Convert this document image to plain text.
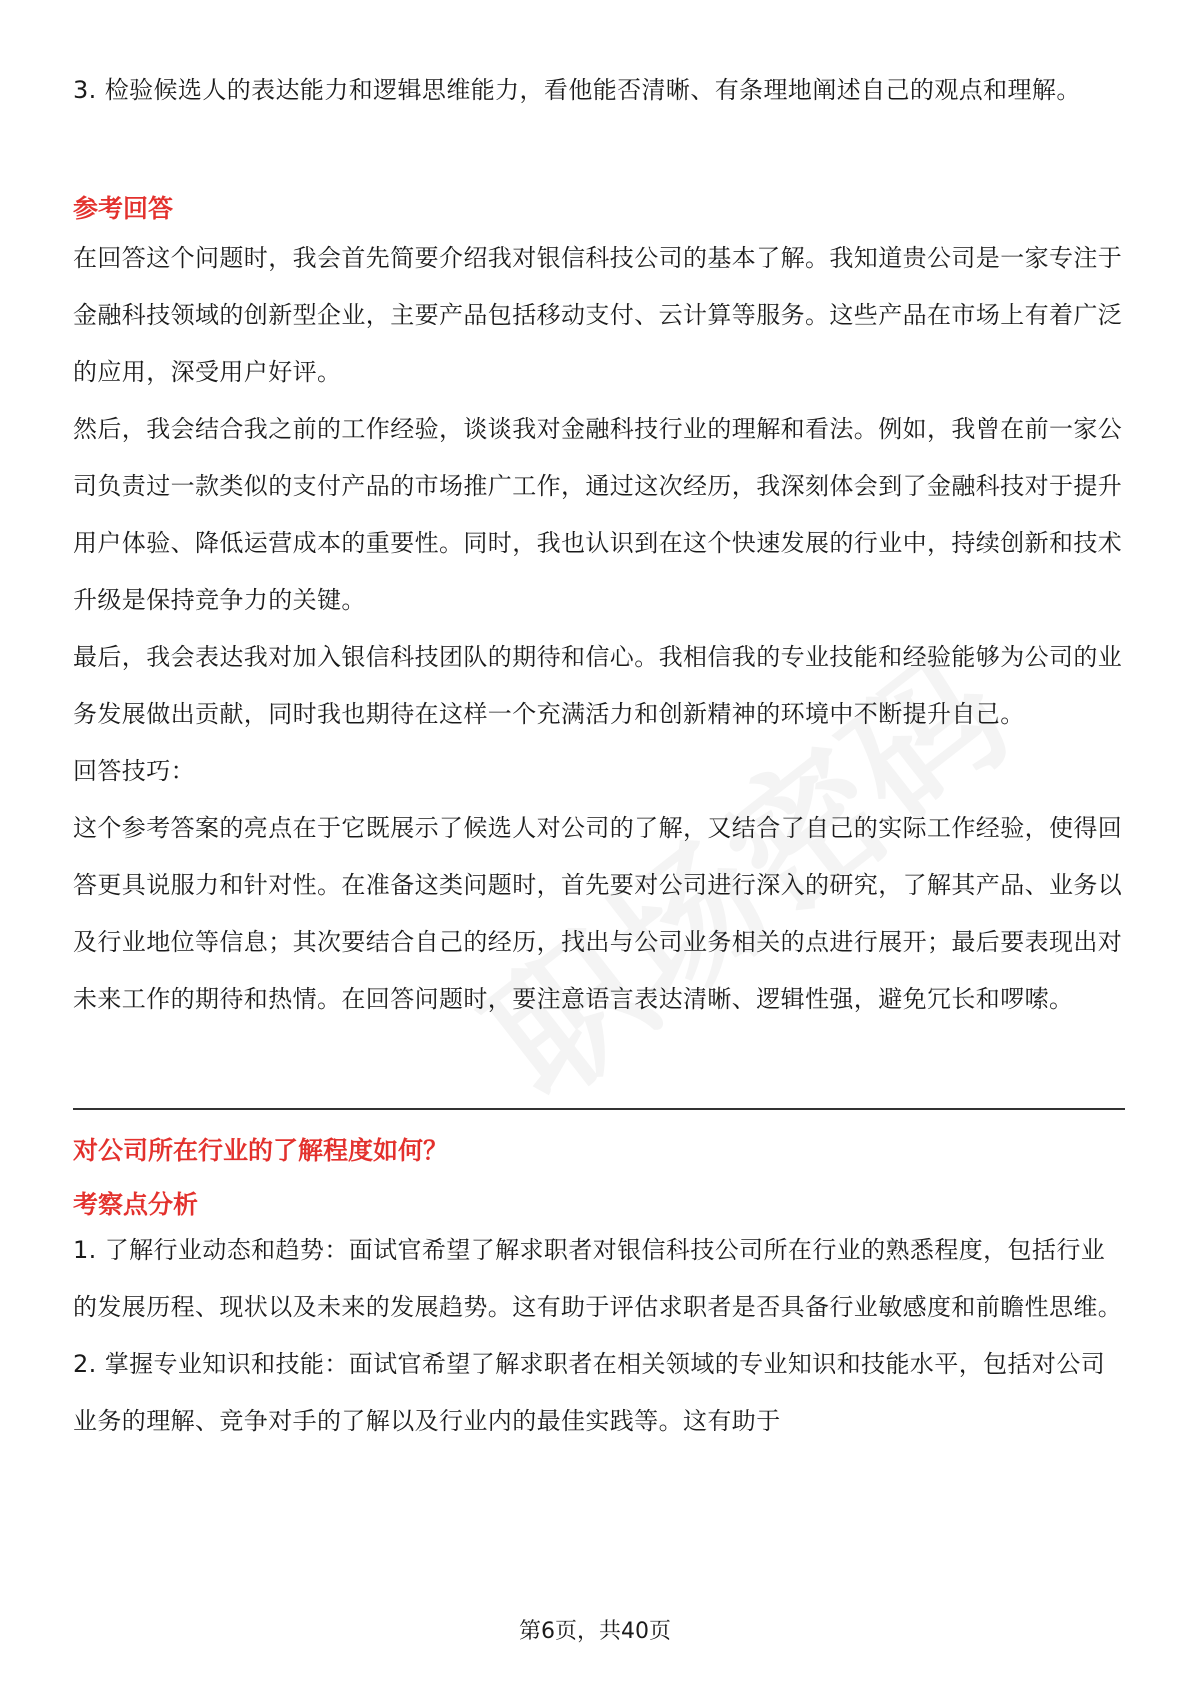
3. 检验候选人的表达能力和逻辑思维能力，看他能否清晰、有条理地阐述自己的观点和理解。

参考回答

在回答这个问题时，我会首先简要介绍我对银信科技公司的基本了解。我知道贵公司是一家专注于金融科技领域的创新型企业，主要产品包括移动支付、云计算等服务。这些产品在市场上有着广泛的应用，深受用户好评。

然后，我会结合我之前的工作经验，谈谈我对金融科技行业的理解和看法。例如，我曾在前一家公司负责过一款类似的支付产品的市场推广工作，通过这次经历，我深刻体会到了金融科技对于提升用户体验、降低运营成本的重要性。同时，我也认识到在这个快速发展的行业中，持续创新和技术升级是保持竞争力的关键。

最后，我会表达我对加入银信科技团队的期待和信心。我相信我的专业技能和经验能够为公司的业务发展做出贡献，同时我也期待在这样一个充满活力和创新精神的环境中不断提升自己。

回答技巧：

这个参考答案的亮点在于它既展示了候选人对公司的了解，又结合了自己的实际工作经验，使得回答更具说服力和针对性。在准备这类问题时，首先要对公司进行深入的研究，了解其产品、业务以及行业地位等信息；其次要结合自己的经历，找出与公司业务相关的点进行展开；最后要表现出对未来工作的期待和热情。在回答问题时，要注意语言表达清晰、逻辑性强，避免冗长和啰嗦。

对公司所在行业的了解程度如何？

考察点分析

1. 了解行业动态和趋势：面试官希望了解求职者对银信科技公司所在行业的熟悉程度，包括行业的发展历程、现状以及未来的发展趋势。这有助于评估求职者是否具备行业敏感度和前瞻性思维。

2. 掌握专业知识和技能：面试官希望了解求职者在相关领域的专业知识和技能水平，包括对公司业务的理解、竞争对手的了解以及行业内的最佳实践等。这有助于

第6页，共40页
